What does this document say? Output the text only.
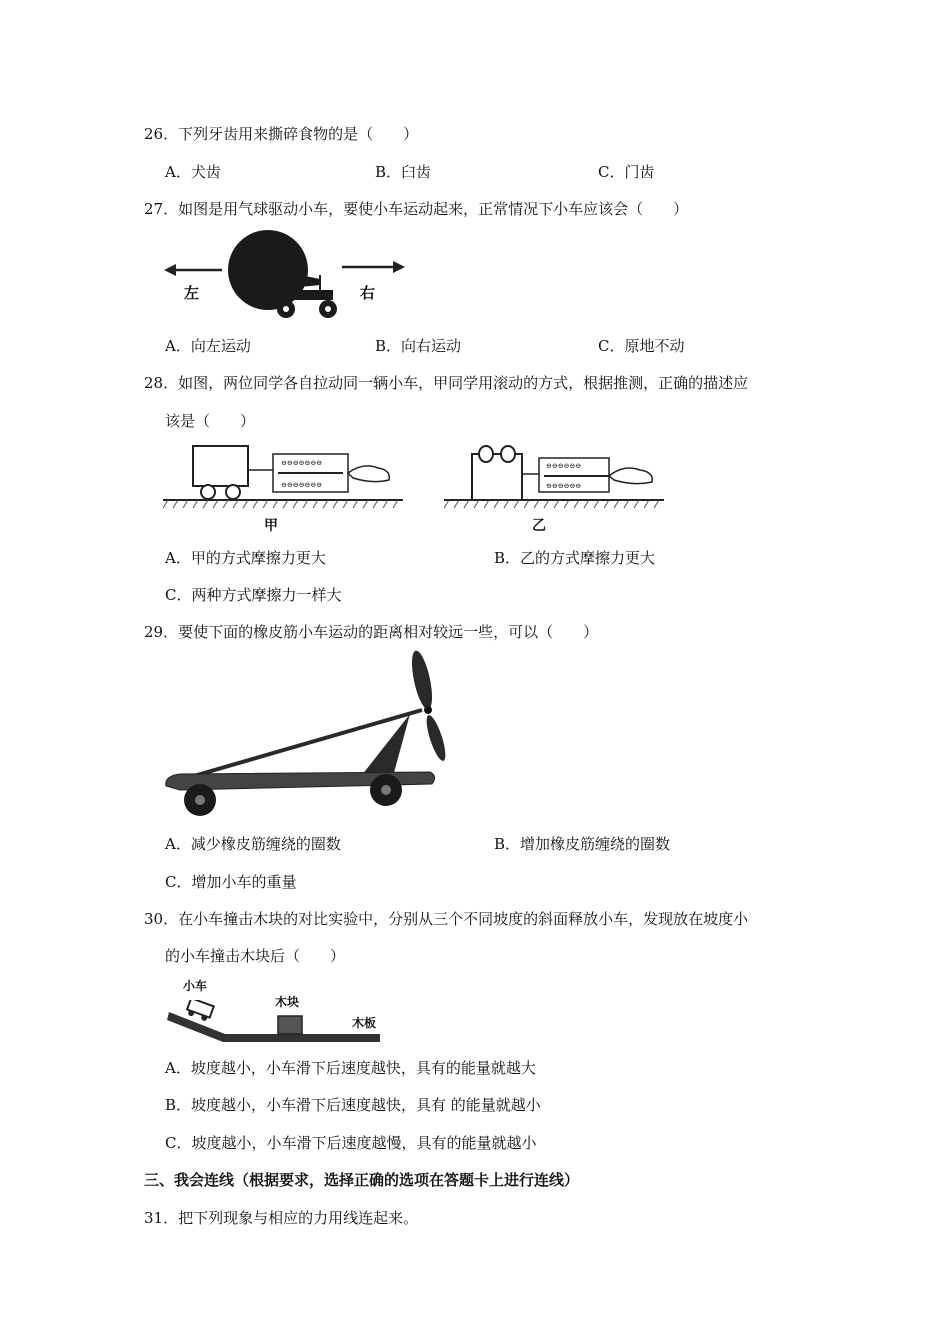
26．下列牙齿用来撕碎食物的是（　　）
A．犬齿	B．臼齿	C．门齿
27．如图是用气球驱动小车，要使小车运动起来，正常情况下小车应该会（　　）
左	右
A．向左运动	B．向右运动	C．原地不动
28．如图，两位同学各自拉动同一辆小车，甲同学用滚动的方式，根据推测，正确的描述应
该是（　　）
⊖⊖⊖⊖⊖⊖⊖
⊖⊖⊖⊖⊖⊖⊖
甲
⊖⊖⊖⊖⊖⊖
⊖⊖⊖⊖⊖⊖
乙
A．甲的方式摩擦力更大	B．乙的方式摩擦力更大
C．两种方式摩擦力一样大
29．要使下面的橡皮筋小车运动的距离相对较远一些，可以（　　）
A．减少橡皮筋缠绕的圈数	B．增加橡皮筋缠绕的圈数
C．增加小车的重量
30．在小车撞击木块的对比实验中，分别从三个不同坡度的斜面释放小车，发现放在坡度小
的小车撞击木块后（　　）
小车
木块
木板
A．坡度越小，小车滑下后速度越快，具有的能量就越大
B．坡度越小，小车滑下后速度越快，具有 的能量就越小
C．坡度越小，小车滑下后速度越慢，具有的能量就越小
三、我会连线（根据要求，选择正确的选项在答题卡上进行连线）
31．把下列现象与相应的力用线连起来。
